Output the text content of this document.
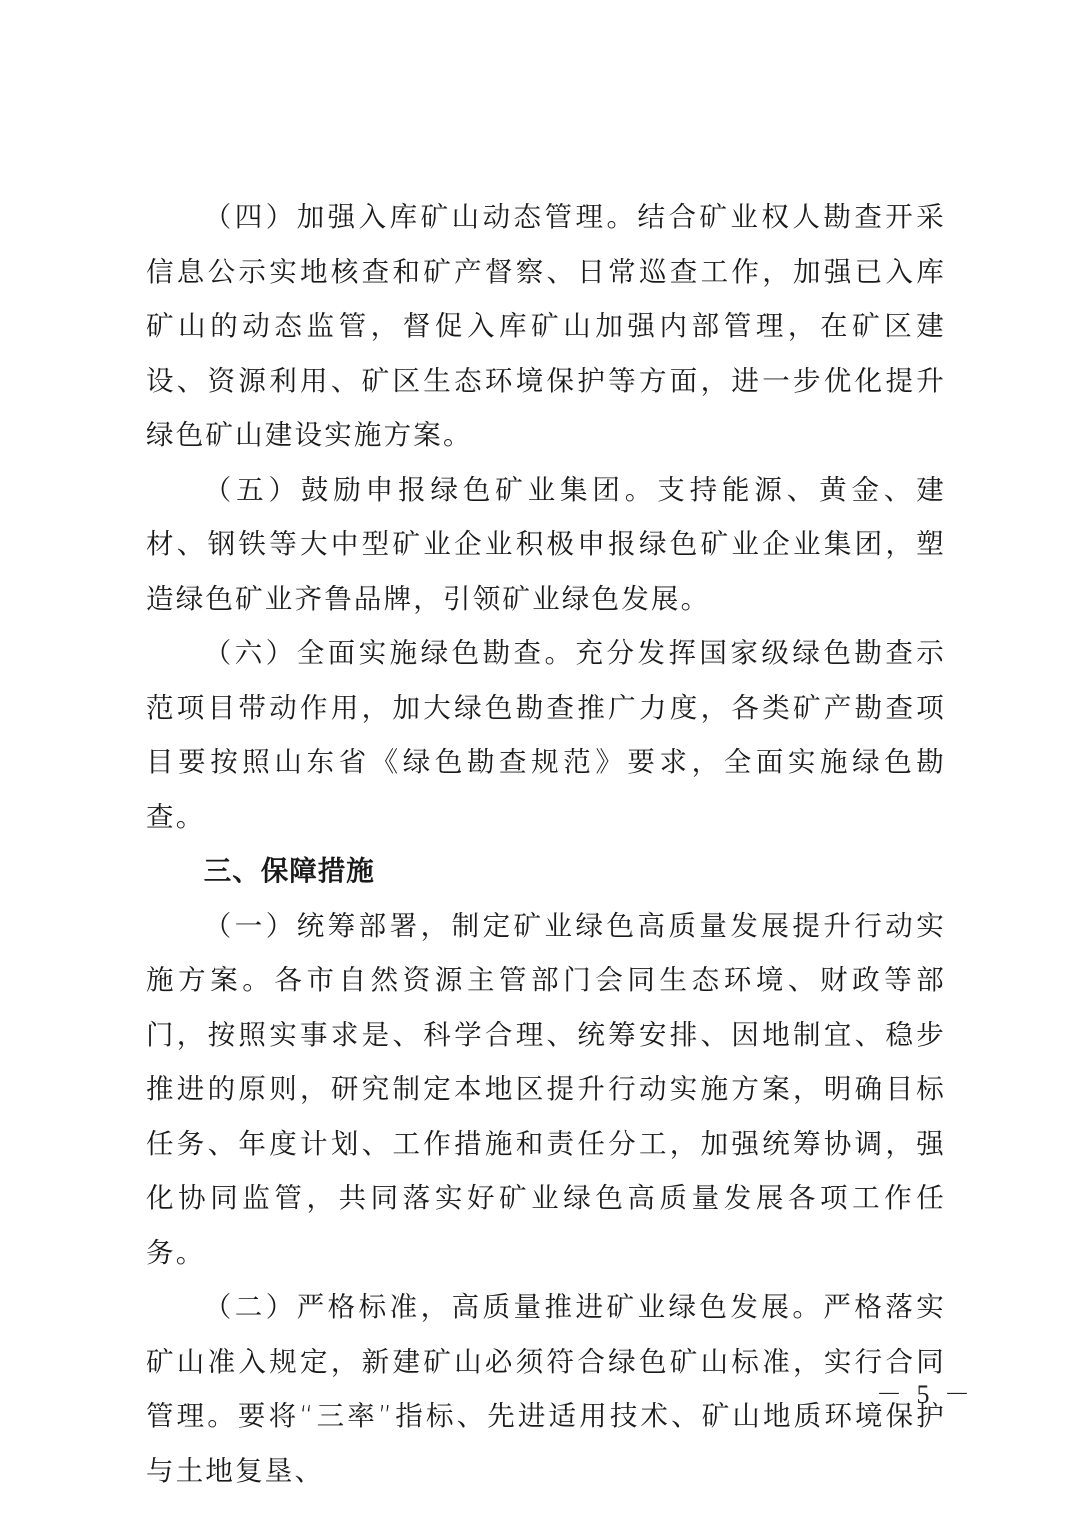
（四）加强入库矿山动态管理。结合矿业权人勘查开采信息公示实地核查和矿产督察、日常巡查工作，加强已入库矿山的动态监管，督促入库矿山加强内部管理，在矿区建设、资源利用、矿区生态环境保护等方面，进一步优化提升绿色矿山建设实施方案。

（五）鼓励申报绿色矿业集团。支持能源、黄金、建材、钢铁等大中型矿业企业积极申报绿色矿业企业集团，塑造绿色矿业齐鲁品牌，引领矿业绿色发展。

（六）全面实施绿色勘查。充分发挥国家级绿色勘查示范项目带动作用，加大绿色勘查推广力度，各类矿产勘查项目要按照山东省《绿色勘查规范》要求，全面实施绿色勘查。

三、保障措施

（一）统筹部署，制定矿业绿色高质量发展提升行动实施方案。各市自然资源主管部门会同生态环境、财政等部门，按照实事求是、科学合理、统筹安排、因地制宜、稳步推进的原则，研究制定本地区提升行动实施方案，明确目标任务、年度计划、工作措施和责任分工，加强统筹协调，强化协同监管，共同落实好矿业绿色高质量发展各项工作任务。

（二）严格标准，高质量推进矿业绿色发展。严格落实矿山准入规定，新建矿山必须符合绿色矿山标准，实行合同管理。要将“三率”指标、先进适用技术、矿山地质环境保护与土地复垦、

－ 5 －
